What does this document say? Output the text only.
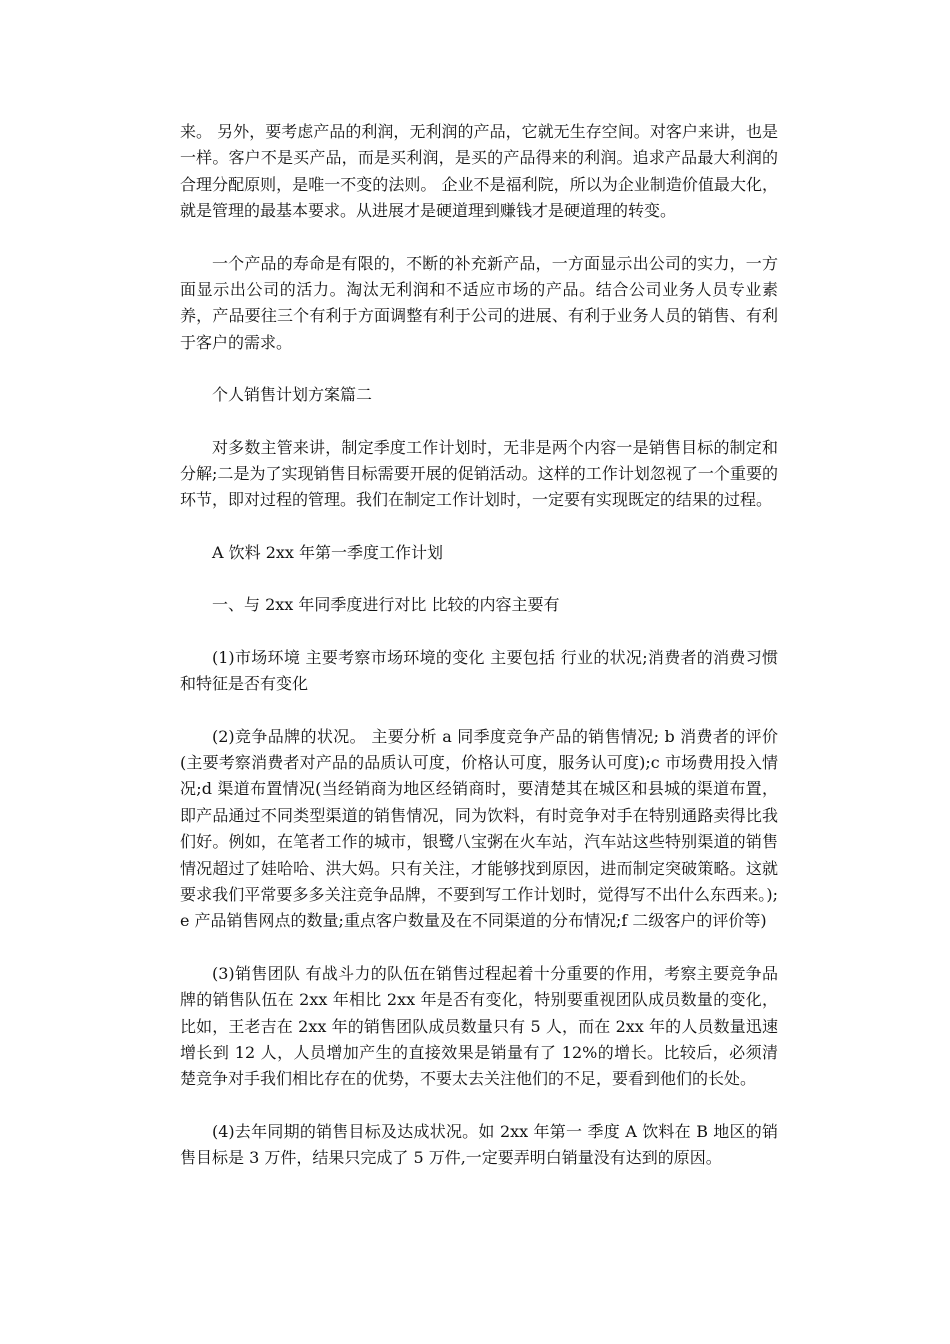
来。 另外，要考虑产品的利润，无利润的产品，它就无生存空间。对客户来讲，也是一样。客户不是买产品，而是买利润，是买的产品得来的利润。追求产品最大利润的合理分配原则，是唯一不变的法则。 企业不是福利院，所以为企业制造价值最大化，就是管理的最基本要求。从进展才是硬道理到赚钱才是硬道理的转变。

一个产品的寿命是有限的，不断的补充新产品，一方面显示出公司的实力，一方面显示出公司的活力。淘汰无利润和不适应市场的产品。结合公司业务人员专业素养，产品要往三个有利于方面调整有利于公司的进展、有利于业务人员的销售、有利于客户的需求。

个人销售计划方案篇二

对多数主管来讲，制定季度工作计划时，无非是两个内容一是销售目标的制定和分解;二是为了实现销售目标需要开展的促销活动。这样的工作计划忽视了一个重要的环节，即对过程的管理。我们在制定工作计划时，一定要有实现既定的结果的过程。

A 饮料 2xx 年第一季度工作计划

一、与 2xx 年同季度进行对比 比较的内容主要有

(1)市场环境 主要考察市场环境的变化 主要包括 行业的状况;消费者的消费习惯和特征是否有变化

(2)竞争品牌的状况。 主要分析 a 同季度竞争产品的销售情况; b 消费者的评价(主要考察消费者对产品的品质认可度，价格认可度，服务认可度);c 市场费用投入情况;d 渠道布置情况(当经销商为地区经销商时，要清楚其在城区和县城的渠道布置，即产品通过不同类型渠道的销售情况，同为饮料，有时竞争对手在特别通路卖得比我们好。例如，在笔者工作的城市，银鹭八宝粥在火车站，汽车站这些特别渠道的销售情况超过了娃哈哈、洪大妈。只有关注，才能够找到原因，进而制定突破策略。这就要求我们平常要多多关注竞争品牌，不要到写工作计划时，觉得写不出什么东西来。);e 产品销售网点的数量;重点客户数量及在不同渠道的分布情况;f 二级客户的评价等)

(3)销售团队 有战斗力的队伍在销售过程起着十分重要的作用，考察主要竞争品牌的销售队伍在 2xx 年相比 2xx 年是否有变化，特别要重视团队成员数量的变化，比如，王老吉在 2xx 年的销售团队成员数量只有 5 人，而在 2xx 年的人员数量迅速增长到 12 人，人员增加产生的直接效果是销量有了 12%的增长。比较后，必须清楚竞争对手我们相比存在的优势，不要太去关注他们的不足，要看到他们的长处。

(4)去年同期的销售目标及达成状况。如 2xx 年第一 季度 A 饮料在 B 地区的销售目标是 3 万件，结果只完成了 5 万件,一定要弄明白销量没有达到的原因。
